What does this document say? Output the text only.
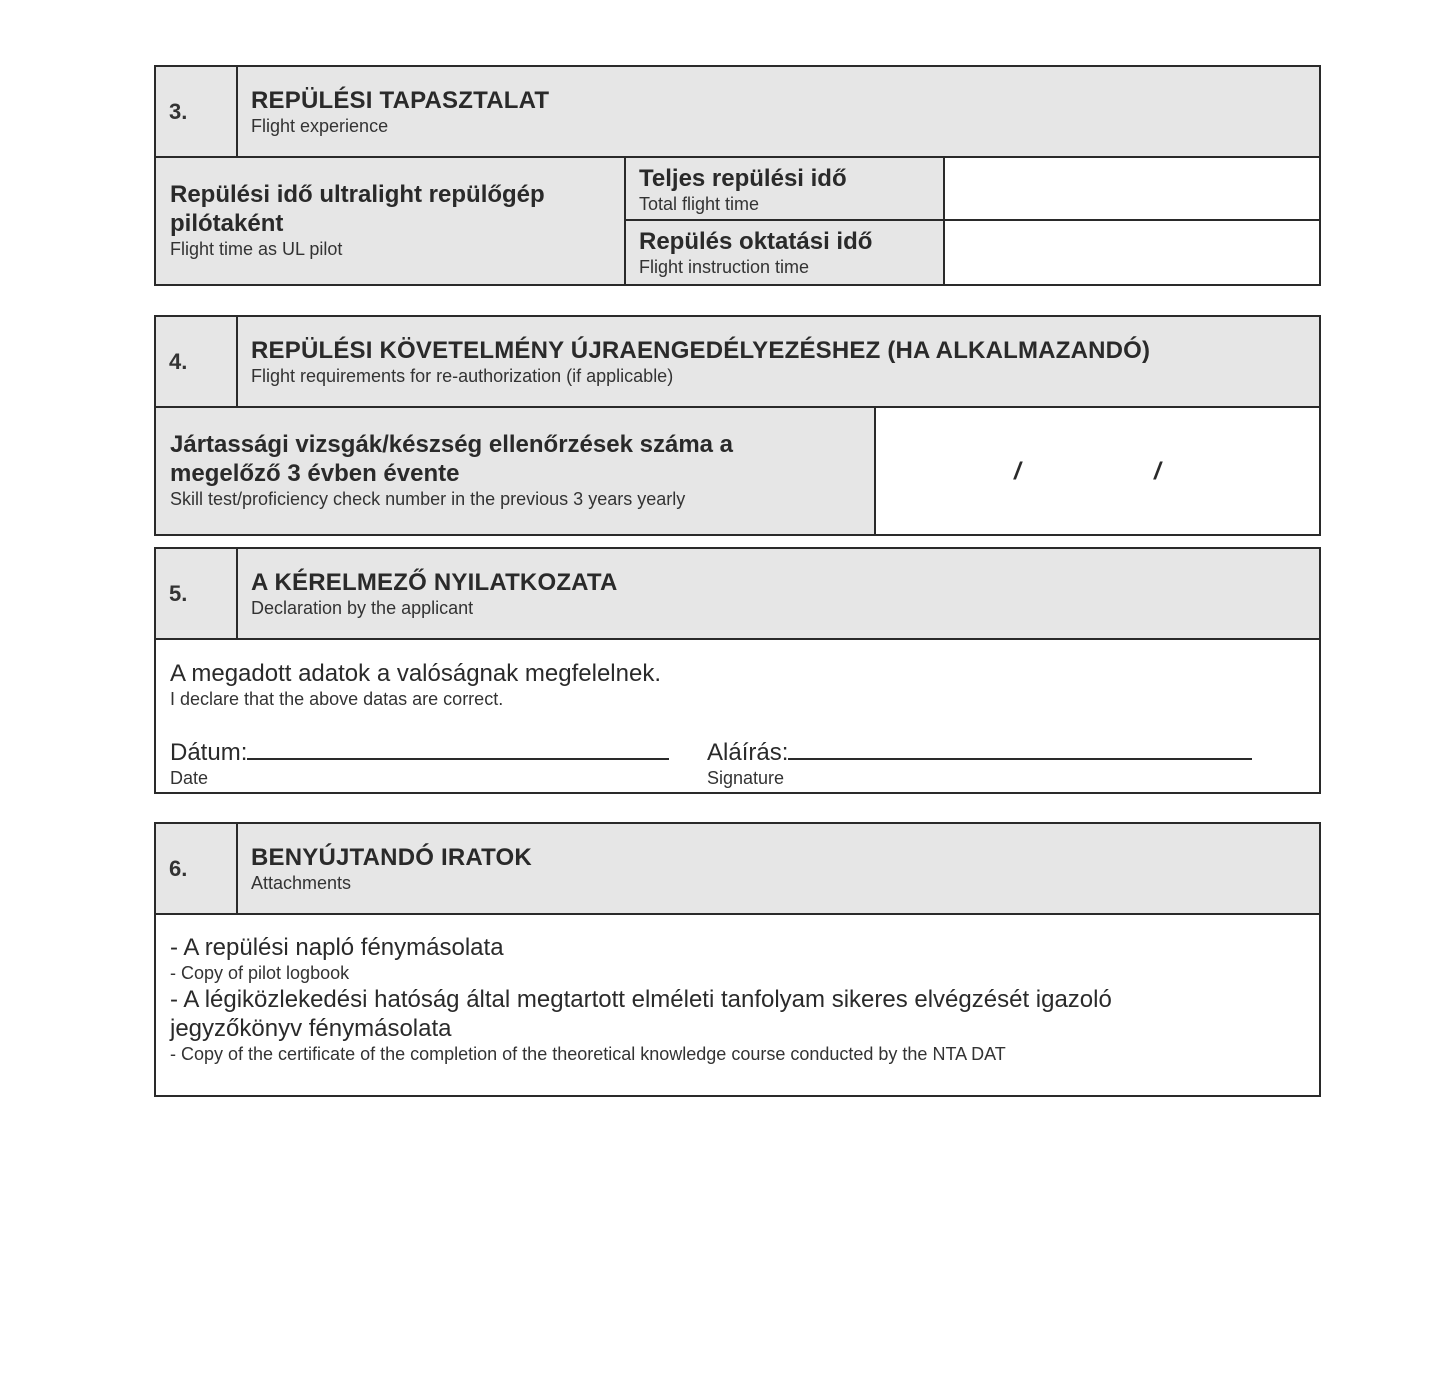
3.	REPÜLÉSI TAPASZTALAT
Flight experience
Repülési idő ultralight repülőgép pilótaként
Flight time as UL pilot
Teljes repülési idő
Total flight time
Repülés oktatási idő
Flight instruction time
4.	REPÜLÉSI KÖVETELMÉNY ÚJRAENGEDÉLYEZÉSHEZ (HA ALKALMAZANDÓ)
Flight requirements for re-authorization (if applicable)
Jártassági vizsgák/készség ellenőrzések száma a megelőző 3 évben évente
Skill test/proficiency check number in the previous 3 years yearly
/	/
5.	A KÉRELMEZŐ NYILATKOZATA
Declaration by the applicant
A megadott adatok a valóságnak megfelelnek.
I declare that the above datas are correct.
Dátum:
Date
Aláírás:
Signature
6.	BENYÚJTANDÓ IRATOK
Attachments
- A repülési napló fénymásolata
- Copy of pilot logbook
- A légiközlekedési hatóság által megtartott elméleti tanfolyam sikeres elvégzését igazoló jegyzőkönyv fénymásolata
- Copy of the certificate of the completion of the theoretical knowledge course conducted by the NTA DAT
